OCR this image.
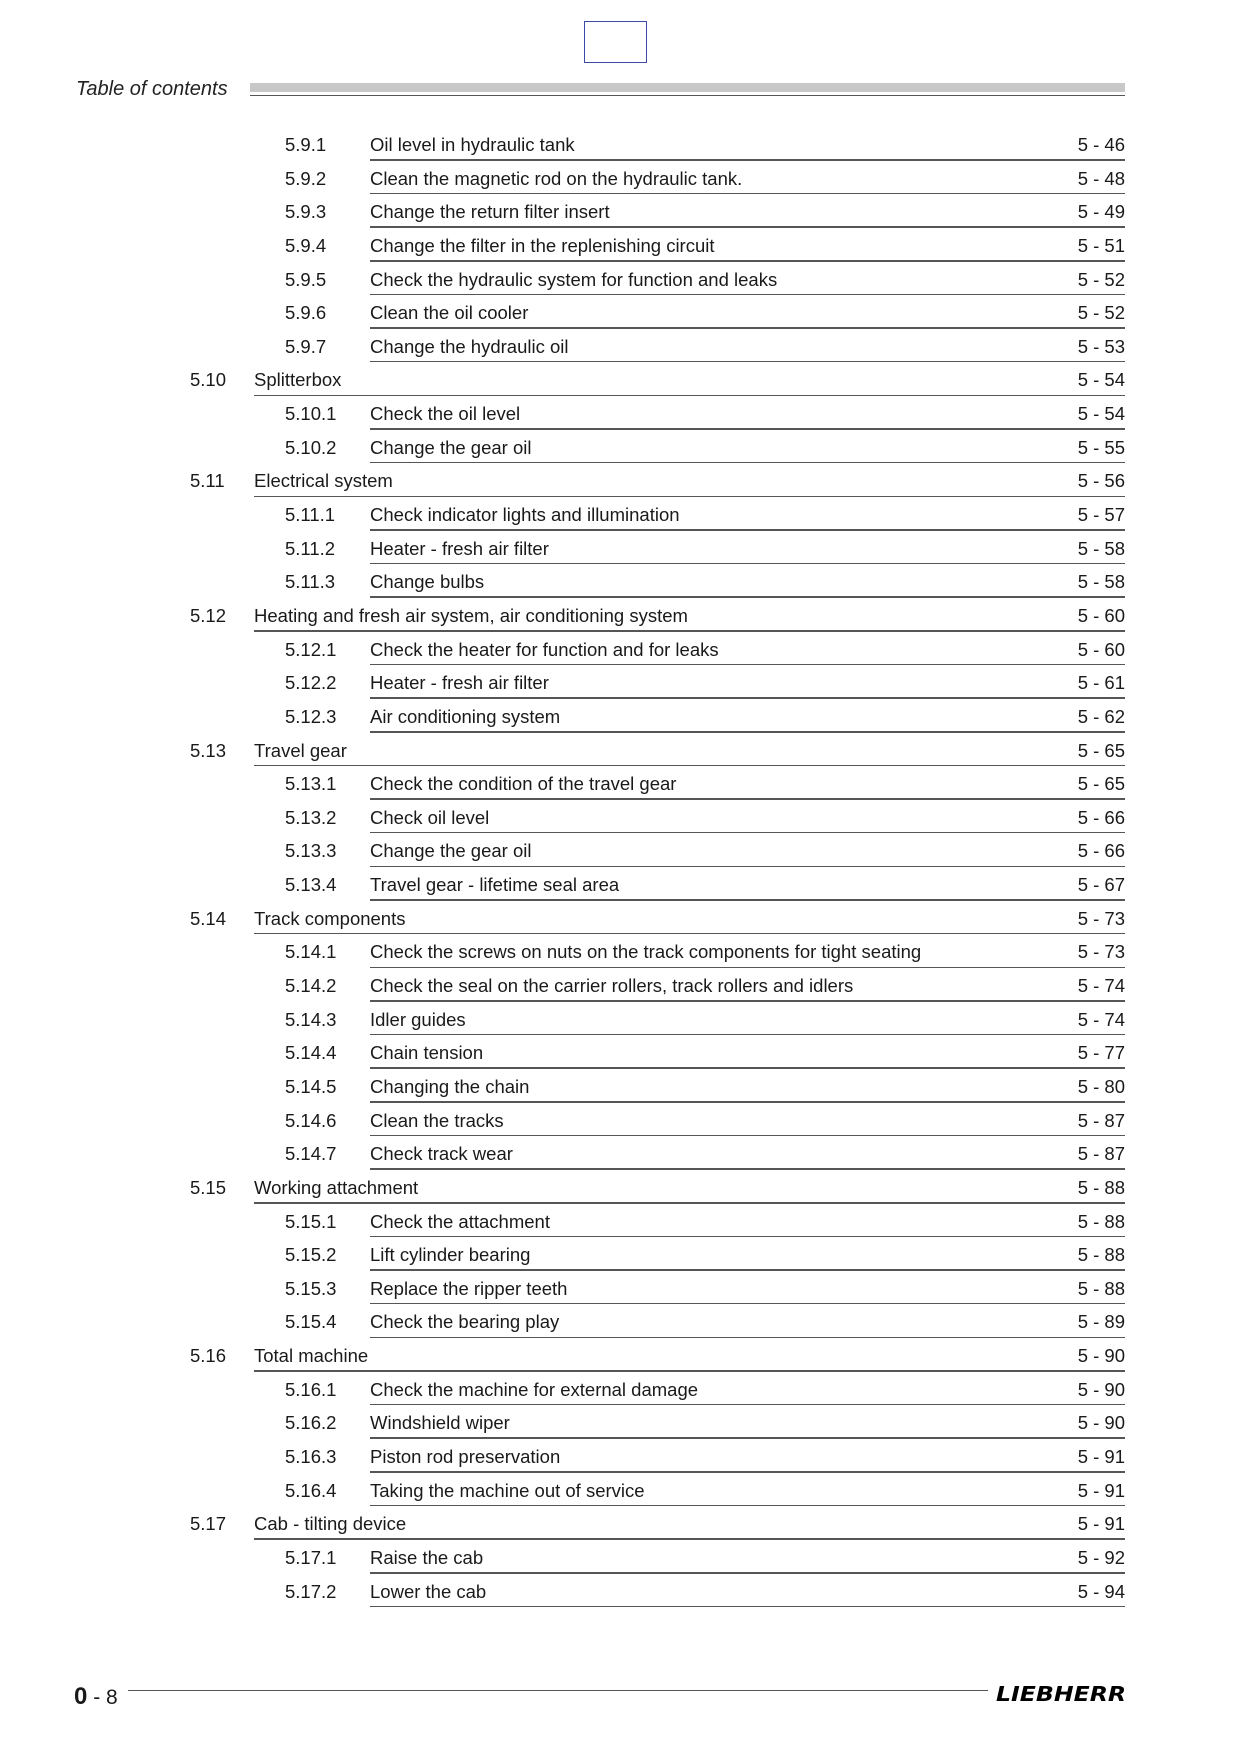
Table of contents
5.9.1 Oil level in hydraulic tank	5 - 46
5.9.2 Clean the magnetic rod on the hydraulic tank.	5 - 48
5.9.3 Change the return filter insert	5 - 49
5.9.4 Change the filter in the replenishing circuit	5 - 51
5.9.5 Check the hydraulic system for function and leaks	5 - 52
5.9.6 Clean the oil cooler	5 - 52
5.9.7 Change the hydraulic oil	5 - 53
5.10 Splitterbox	5 - 54
5.10.1 Check the oil level	5 - 54
5.10.2 Change the gear oil	5 - 55
5.11 Electrical system	5 - 56
5.11.1 Check indicator lights and illumination	5 - 57
5.11.2 Heater - fresh air filter	5 - 58
5.11.3 Change bulbs	5 - 58
5.12 Heating and fresh air system, air conditioning system	5 - 60
5.12.1 Check the heater for function and for leaks	5 - 60
5.12.2 Heater - fresh air filter	5 - 61
5.12.3 Air conditioning system	5 - 62
5.13 Travel gear	5 - 65
5.13.1 Check the condition of the travel gear	5 - 65
5.13.2 Check oil level	5 - 66
5.13.3 Change the gear oil	5 - 66
5.13.4 Travel gear - lifetime seal area	5 - 67
5.14 Track components	5 - 73
5.14.1 Check the screws on nuts on the track components for tight seating	5 - 73
5.14.2 Check the seal on the carrier rollers, track rollers and idlers	5 - 74
5.14.3 Idler guides	5 - 74
5.14.4 Chain tension	5 - 77
5.14.5 Changing the chain	5 - 80
5.14.6 Clean the tracks	5 - 87
5.14.7 Check track wear	5 - 87
5.15 Working attachment	5 - 88
5.15.1 Check the attachment	5 - 88
5.15.2 Lift cylinder bearing	5 - 88
5.15.3 Replace the ripper teeth	5 - 88
5.15.4 Check the bearing play	5 - 89
5.16 Total machine	5 - 90
5.16.1 Check the machine for external damage	5 - 90
5.16.2 Windshield wiper	5 - 90
5.16.3 Piston rod preservation	5 - 91
5.16.4 Taking the machine out of service	5 - 91
5.17 Cab - tilting device	5 - 91
5.17.1 Raise the cab	5 - 92
5.17.2 Lower the cab	5 - 94
0 - 8	LIEBHERR
